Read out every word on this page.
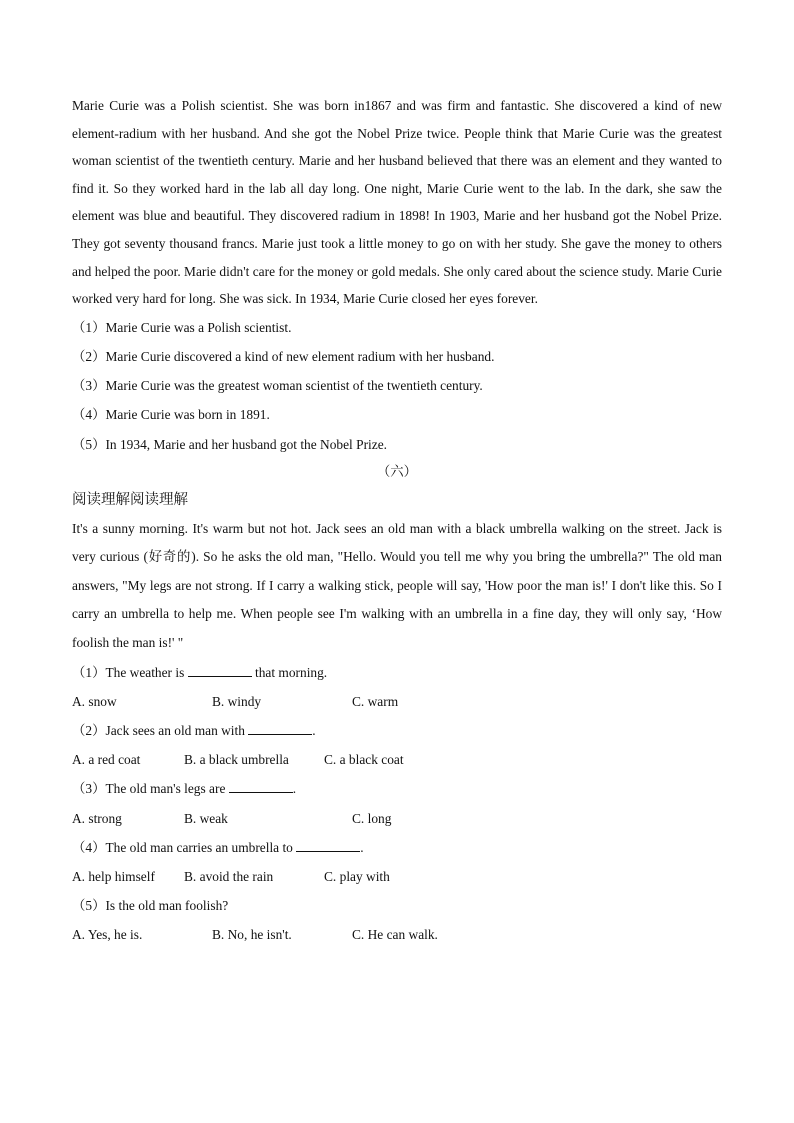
Marie Curie was a Polish scientist. She was born in1867 and was firm and fantastic. She discovered a kind of new element-radium with her husband. And she got the Nobel Prize twice. People think that Marie Curie was the greatest woman scientist of the twentieth century. Marie and her husband believed that there was an element and they wanted to find it. So they worked hard in the lab all day long. One night, Marie Curie went to the lab. In the dark, she saw the element was blue and beautiful. They discovered radium in 1898! In 1903, Marie and her husband got the Nobel Prize. They got seventy thousand francs. Marie just took a little money to go on with her study. She gave the money to others and helped the poor. Marie didn't care for the money or gold medals. She only cared about the science study. Marie Curie worked very hard for long. She was sick. In 1934, Marie Curie closed her eyes forever.

（1）Marie Curie was a Polish scientist.
（2）Marie Curie discovered a kind of new element radium with her husband.
（3）Marie Curie was the greatest woman scientist of the twentieth century.
（4）Marie Curie was born in 1891.
（5）In 1934, Marie and her husband got the Nobel Prize.
（六）
阅读理解阅读理解

It's a sunny morning. It's warm but not hot. Jack sees an old man with a black umbrella walking on the street. Jack is very curious (好奇的). So he asks the old man, "Hello. Would you tell me why you bring the umbrella?" The old man answers, "My legs are not strong. If I carry a walking stick, people will say, 'How poor the man is!' I don't like this. So I carry an umbrella to help me. When people see I'm walking with an umbrella in a fine day, they will only say, ‘How foolish the man is!' "

（1）The weather is	that morning.
A. snow	B. windy	C. warm
（2）Jack sees an old man with	.
A. a red coat	B. a black umbrella	C. a black coat
（3）The old man's legs are	.
A. strong	B. weak	C. long
（4）The old man carries an umbrella to	.
A. help himself B. avoid the rain	C. play with
（5）Is the old man foolish?
A. Yes, he is.	B. No, he isn't.	C. He can walk.
